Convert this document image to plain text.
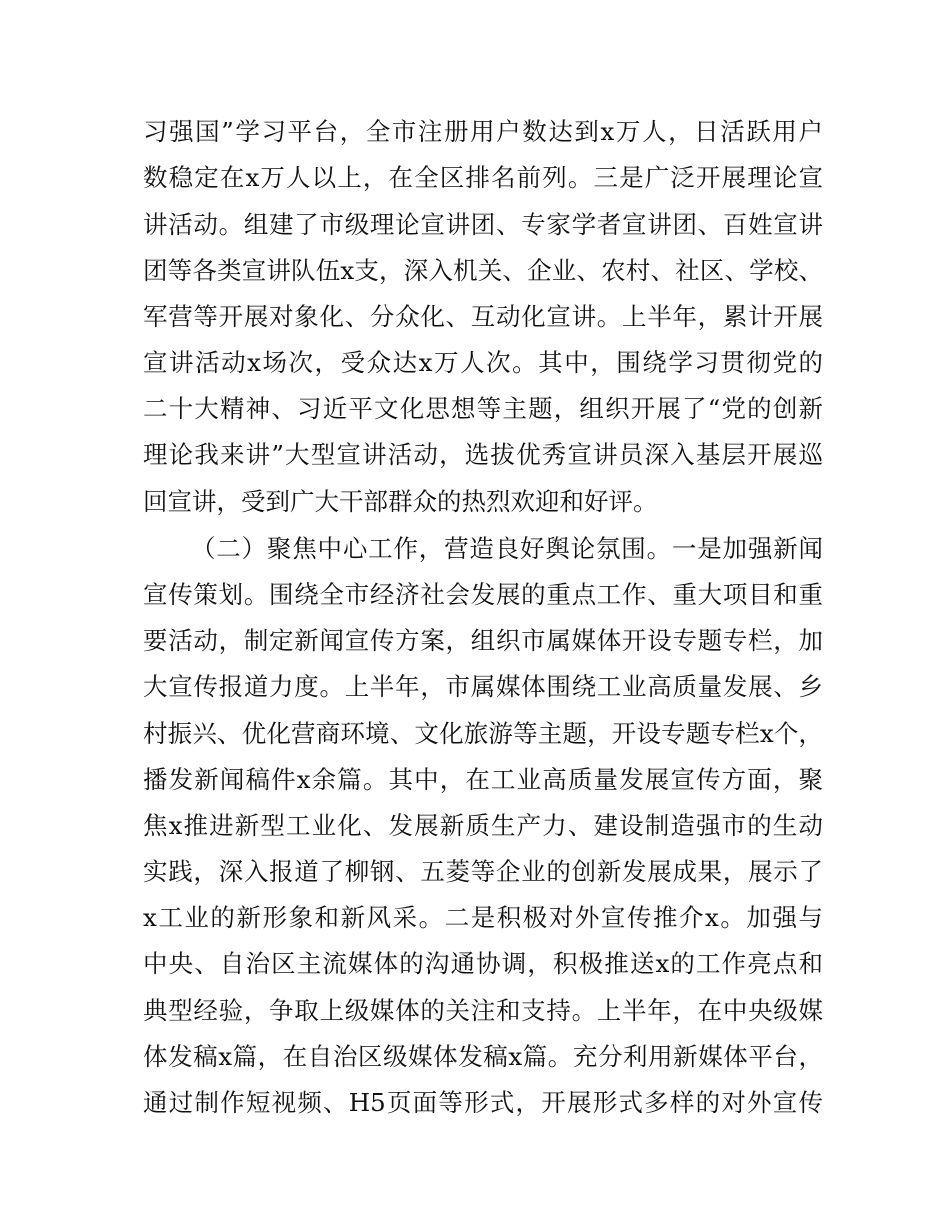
习强国”学习平台，全市注册用户数达到x万人，日活跃用户
数稳定在x万人以上，在全区排名前列。三是广泛开展理论宣
讲活动。组建了市级理论宣讲团、专家学者宣讲团、百姓宣讲
团等各类宣讲队伍x支，深入机关、企业、农村、社区、学校、
军营等开展对象化、分众化、互动化宣讲。上半年，累计开展
宣讲活动x场次，受众达x万人次。其中，围绕学习贯彻党的
二十大精神、习近平文化思想等主题，组织开展了“党的创新
理论我来讲”大型宣讲活动，选拔优秀宣讲员深入基层开展巡
回宣讲，受到广大干部群众的热烈欢迎和好评。
（二）聚焦中心工作，营造良好舆论氛围。一是加强新闻
宣传策划。围绕全市经济社会发展的重点工作、重大项目和重
要活动，制定新闻宣传方案，组织市属媒体开设专题专栏，加
大宣传报道力度。上半年，市属媒体围绕工业高质量发展、乡
村振兴、优化营商环境、文化旅游等主题，开设专题专栏x个，
播发新闻稿件x余篇。其中，在工业高质量发展宣传方面，聚
焦x推进新型工业化、发展新质生产力、建设制造强市的生动
实践，深入报道了柳钢、五菱等企业的创新发展成果，展示了
x工业的新形象和新风采。二是积极对外宣传推介x。加强与
中央、自治区主流媒体的沟通协调，积极推送x的工作亮点和
典型经验，争取上级媒体的关注和支持。上半年，在中央级媒
体发稿x篇，在自治区级媒体发稿x篇。充分利用新媒体平台，
通过制作短视频、H5页面等形式，开展形式多样的对外宣传
